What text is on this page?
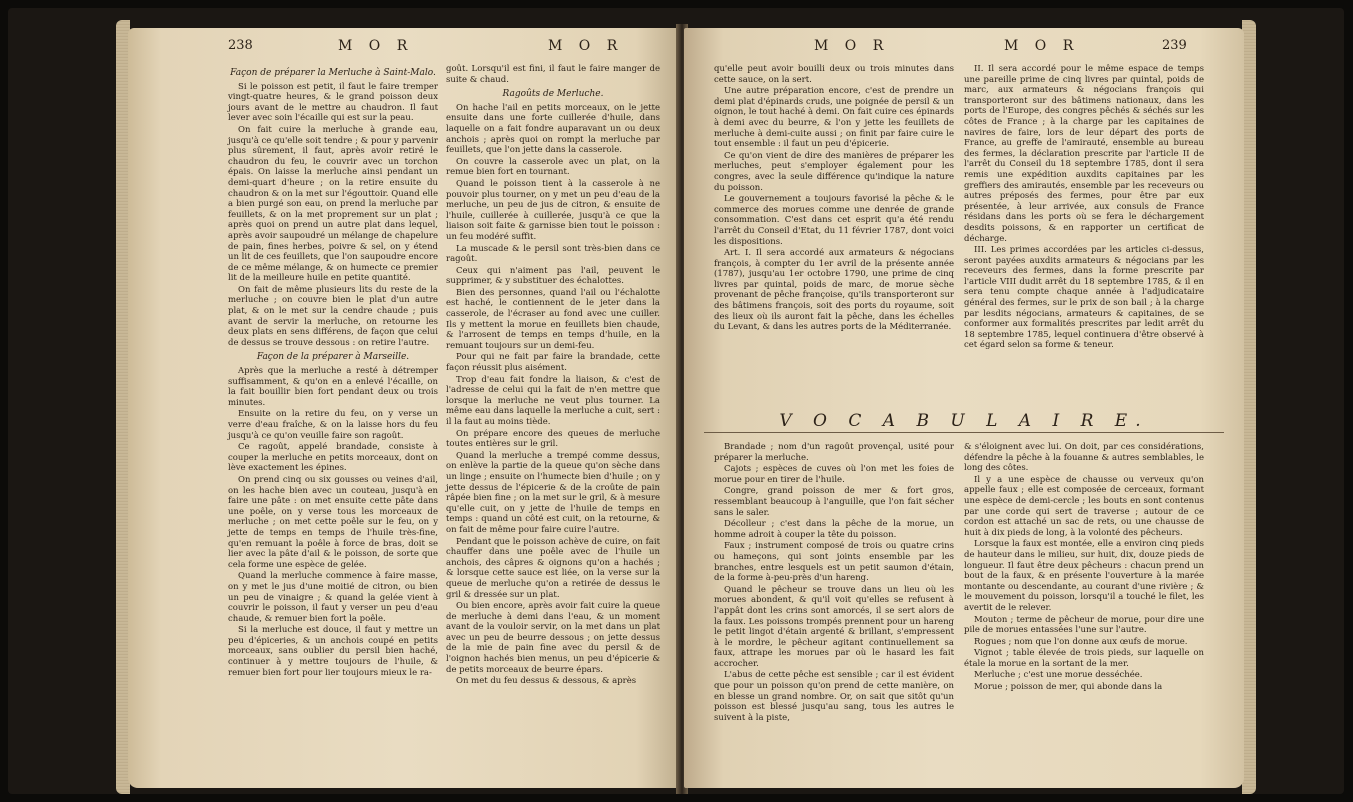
238	M O R	M O R

Façon de préparer la Merluche à Saint-Malo.

Si le poisson est petit, il faut le faire tremper vingt-quatre heures, & le grand poisson deux jours avant de le mettre au chaudron. Il faut lever avec soin l'écaille qui est sur la peau.

On fait cuire la merluche à grande eau, jusqu'à ce qu'elle soit tendre ; & pour y parvenir plus sûrement, il faut, après avoir retiré le chaudron du feu, le couvrir avec un torchon épais. On laisse la merluche ainsi pendant un demi-quart d'heure ; on la retire ensuite du chaudron & on la met sur l'égouttoir. Quand elle a bien purgé son eau, on prend la merluche par feuillets, & on la met proprement sur un plat ; après quoi on prend un autre plat dans lequel, après avoir saupoudré un mélange de chapelure de pain, fines herbes, poivre & sel, on y étend un lit de ces feuillets, que l'on saupoudre encore de ce même mélange, & on humecte ce premier lit de la meilleure huile en petite quantité.

On fait de même plusieurs lits du reste de la merluche ; on couvre bien le plat d'un autre plat, & on le met sur la cendre chaude ; puis avant de servir la merluche, on retourne les deux plats en sens différens, de façon que celui de dessus se trouve dessous : on retire l'autre.

Façon de la préparer à Marseille.

Après que la merluche a resté à détremper suffisamment, & qu'on en a enlevé l'écaille, on la fait bouillir bien fort pendant deux ou trois minutes.

Ensuite on la retire du feu, on y verse un verre d'eau fraîche, & on la laisse hors du feu jusqu'à ce qu'on veuille faire son ragoût.

Ce ragoût, appelé brandade, consiste à couper la merluche en petits morceaux, dont on lève exactement les épines.

On prend cinq ou six gousses ou veines d'ail, on les hache bien avec un couteau, jusqu'à en faire une pâte : on met ensuite cette pâte dans une poêle, on y verse tous les morceaux de merluche ; on met cette poêle sur le feu, on y jette de temps en temps de l'huile très-fine, qu'en remuant la poêle à force de bras, doit se lier avec la pâte d'ail & le poisson, de sorte que cela forme une espèce de gelée.

Quand la merluche commence à faire masse, on y met le jus d'une moitié de citron, ou bien un peu de vinaigre ; & quand la gelée vient à couvrir le poisson, il faut y verser un peu d'eau chaude, & remuer bien fort la poêle.

Si la merluche est douce, il faut y mettre un peu d'épiceries, & un anchois coupé en petits morceaux, sans oublier du persil bien haché, continuer à y mettre toujours de l'huile, & remuer bien fort pour lier toujours mieux le ra-

goût. Lorsqu'il est fini, il faut le faire manger de suite & chaud.

Ragoûts de Merluche.

On hache l'ail en petits morceaux, on le jette ensuite dans une forte cuillerée d'huile, dans laquelle on a fait fondre auparavant un ou deux anchois ; après quoi on rompt la merluche par feuillets, que l'on jette dans la casserole.

On couvre la casserole avec un plat, on la remue bien fort en tournant.

Quand le poisson tient à la casserole à ne pouvoir plus tourner, on y met un peu d'eau de la merluche, un peu de jus de citron, & ensuite de l'huile, cuillerée à cuillerée, jusqu'à ce que la liaison soit faite & garnisse bien tout le poisson : un feu modéré suffit.

La muscade & le persil sont très-bien dans ce ragoût.

Ceux qui n'aiment pas l'ail, peuvent le supprimer, & y substituer des échalottes.

Bien des personnes, quand l'ail ou l'échalotte est haché, le contiennent de le jeter dans la casserole, de l'écraser au fond avec une cuiller. Ils y mettent la morue en feuillets bien chaude, & l'arrosent de temps en temps d'huile, en la remuant toujours sur un demi-feu.

Pour qui ne fait par faire la brandade, cette façon réussit plus aisément.

Trop d'eau fait fondre la liaison, & c'est de l'adresse de celui qui la fait de n'en mettre que lorsque la merluche ne veut plus tourner. La même eau dans laquelle la merluche a cuit, sert : il la faut au moins tiède.

On prépare encore des queues de merluche toutes entières sur le gril.

Quand la merluche a trempé comme dessus, on enlève la partie de la queue qu'on sèche dans un linge ; ensuite on l'humecte bien d'huile ; on y jette dessus de l'épicerie & de la croûte de pain râpée bien fine ; on la met sur le gril, & à mesure qu'elle cuit, on y jette de l'huile de temps en temps : quand un côté est cuit, on la retourne, & on fait de même pour faire cuire l'autre.

Pendant que le poisson achève de cuire, on fait chauffer dans une poêle avec de l'huile un anchois, des câpres & oignons qu'on a hachés ; & lorsque cette sauce est liée, on la verse sur la queue de merluche qu'on a retirée de dessus le gril & dressée sur un plat.

Ou bien encore, après avoir fait cuire la queue de merluche à demi dans l'eau, & un moment avant de la vouloir servir, on la met dans un plat avec un peu de beurre dessous ; on jette dessus de la mie de pain fine avec du persil & de l'oignon hachés bien menus, un peu d'épicerie & de petits morceaux de beurre épars.

On met du feu dessus & dessous, & après

M O R	M O R	239

qu'elle peut avoir bouilli deux ou trois minutes dans cette sauce, on la sert.

Une autre préparation encore, c'est de prendre un demi plat d'épinards cruds, une poignée de persil & un oignon, le tout haché à demi. On fait cuire ces épinards à demi avec du beurre, & l'on y jette les feuillets de merluche à demi-cuite aussi ; on finit par faire cuire le tout ensemble : il faut un peu d'épicerie.

Ce qu'on vient de dire des manières de préparer les merluches, peut s'employer également pour les congres, avec la seule différence qu'indique la nature du poisson.

Le gouvernement a toujours favorisé la pêche & le commerce des morues comme une denrée de grande consommation. C'est dans cet esprit qu'a été rendu l'arrêt du Conseil d'Etat, du 11 février 1787, dont voici les dispositions.

Art. I. Il sera accordé aux armateurs & négocians françois, à compter du 1er avril de la présente année (1787), jusqu'au 1er octobre 1790, une prime de cinq livres par quintal, poids de marc, de morue sèche provenant de pêche françoise, qu'ils transporteront sur des bâtimens françois, soit des ports du royaume, soit des lieux où ils auront fait la pêche, dans les échelles du Levant, & dans les autres ports de la Méditerranée.

II. Il sera accordé pour le même espace de temps une pareille prime de cinq livres par quintal, poids de marc, aux armateurs & négocians françois qui transporteront sur des bâtimens nationaux, dans les ports de l'Europe, des congres pêchés & séchés sur les côtes de France ; à la charge par les capitaines de navires de faire, lors de leur départ des ports de France, au greffe de l'amirauté, ensemble au bureau des fermes, la déclaration prescrite par l'article II de l'arrêt du Conseil du 18 septembre 1785, dont il sera remis une expédition auxdits capitaines par les greffiers des amirautés, ensemble par les receveurs ou autres préposés des fermes, pour être par eux présentée, à leur arrivée, aux consuls de France résidans dans les ports où se fera le déchargement desdits poissons, & en rapporter un certificat de décharge.

III. Les primes accordées par les articles ci-dessus, seront payées auxdits armateurs & négocians par les receveurs des fermes, dans la forme prescrite par l'article VIII dudit arrêt du 18 septembre 1785, & il en sera tenu compte chaque année à l'adjudicataire général des fermes, sur le prix de son bail ; à la charge par lesdits négocians, armateurs & capitaines, de se conformer aux formalités prescrites par ledit arrêt du 18 septembre 1785, lequel continuera d'être observé à cet égard selon sa forme & teneur.

V O C A B U L A I R E.

Brandade ; nom d'un ragoût provençal, usité pour préparer la merluche.

Cajots ; espèces de cuves où l'on met les foies de morue pour en tirer de l'huile.

Congre, grand poisson de mer & fort gros, ressemblant beaucoup à l'anguille, que l'on fait sécher sans le saler.

Décolleur ; c'est dans la pêche de la morue, un homme adroit à couper la tête du poisson.

Faux ; instrument composé de trois ou quatre crins ou hameçons, qui sont joints ensemble par les branches, entre lesquels est un petit saumon d'étain, de la forme à-peu-près d'un hareng.

Quand le pêcheur se trouve dans un lieu où les morues abondent, & qu'il voit qu'elles se refusent à l'appât dont les crins sont amorcés, il se sert alors de la faux. Les poissons trompés prennent pour un hareng le petit lingot d'étain argenté & brillant, s'empressent à le mordre, le pêcheur agitant continuellement sa faux, attrape les morues par où le hasard les fait accrocher.

L'abus de cette pêche est sensible ; car il est évident que pour un poisson qu'on prend de cette manière, on en blesse un grand nombre. Or, on sait que sitôt qu'un poisson est blessé jusqu'au sang, tous les autres le suivent à la piste,

& s'éloignent avec lui. On doit, par ces considérations, défendre la pêche à la fouanne & autres semblables, le long des côtes.

Il y a une espèce de chausse ou verveux qu'on appelle faux ; elle est composée de cerceaux, formant une espèce de demi-cercle ; les bouts en sont contenus par une corde qui sert de traverse ; autour de ce cordon est attaché un sac de rets, ou une chausse de huit à dix pieds de long, à la volonté des pêcheurs.

Lorsque la faux est montée, elle a environ cinq pieds de hauteur dans le milieu, sur huit, dix, douze pieds de longueur. Il faut être deux pêcheurs : chacun prend un bout de la faux, & en présente l'ouverture à la marée montante ou descendante, au courant d'une rivière ; & le mouvement du poisson, lorsqu'il a touché le filet, les avertit de le relever.

Mouton ; terme de pêcheur de morue, pour dire une pile de morues entassées l'une sur l'autre.

Rogues ; nom que l'on donne aux œufs de morue.

Vignot ; table élevée de trois pieds, sur laquelle on étale la morue en la sortant de la mer.

Merluche ; c'est une morue desséchée.

Morue ; poisson de mer, qui abonde dans la
